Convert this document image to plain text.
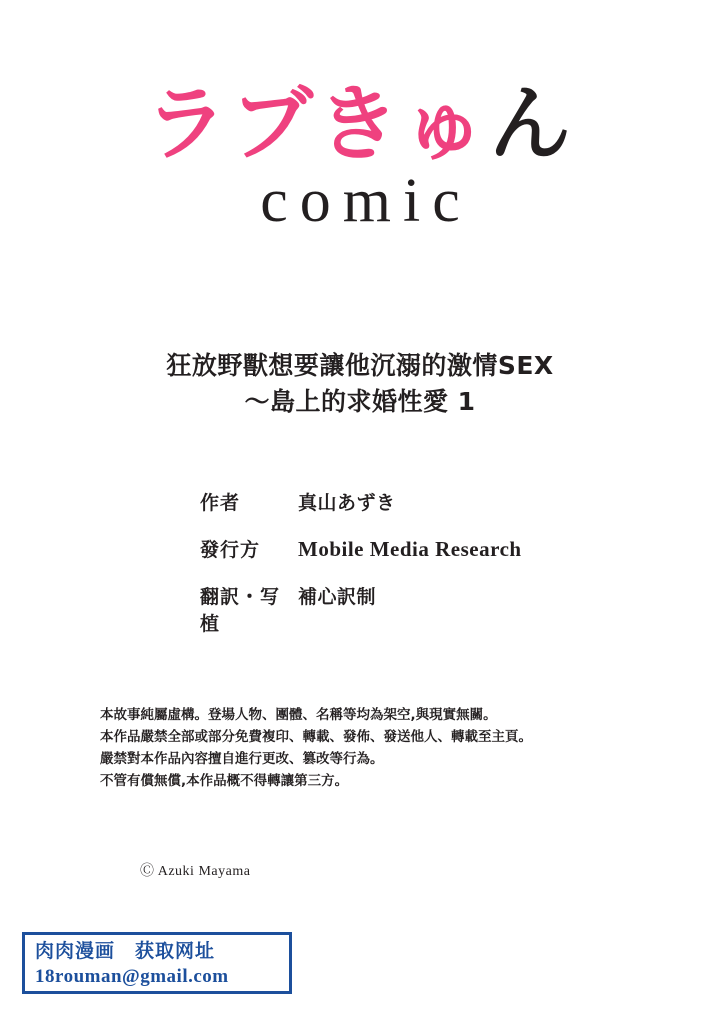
ラブきゅん
comic
狂放野獸想要讓他沉溺的激情SEX
～島上的求婚性愛 1
作者	真山あずき
發行方	Mobile Media Research
翻訳・写植
補心訳制
本故事純屬虛構。登場人物、團體、名稱等均為架空,與現實無關。
本作品嚴禁全部或部分免費複印、轉載、發佈、發送他人、轉載至主頁。
嚴禁對本作品內容擅自進行更改、篡改等行為。
不管有償無償,本作品概不得轉讓第三方。
Ⓒ Azuki Mayama
肉肉漫画　获取网址
18rouman@gmail.com
